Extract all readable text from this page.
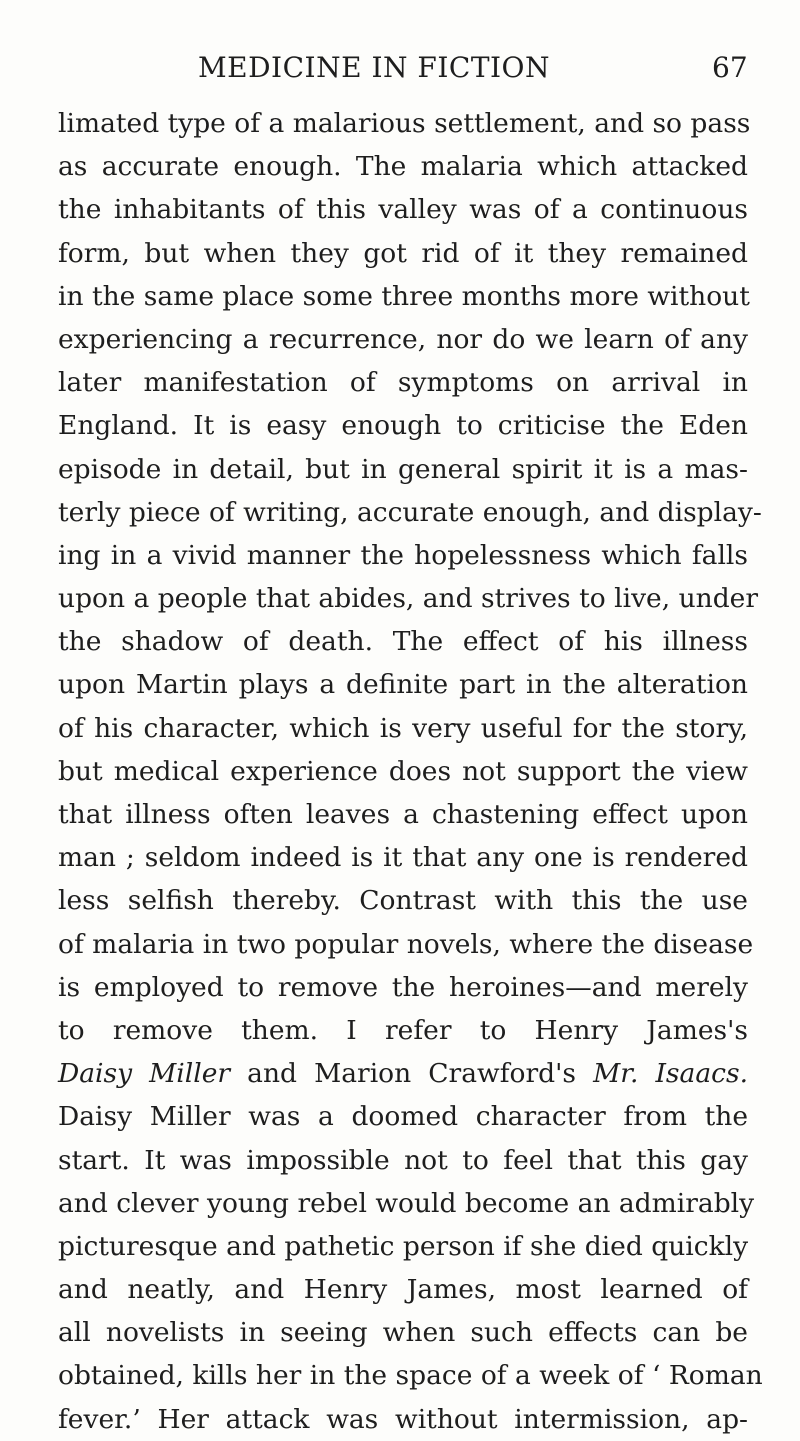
MEDICINE IN FICTION	67
limated type of a malarious settlement, and so pass
as accurate enough. The malaria which attacked
the inhabitants of this valley was of a continuous
form, but when they got rid of it they remained
in the same place some three months more without
experiencing a recurrence, nor do we learn of any
later manifestation of symptoms on arrival in
England. It is easy enough to criticise the Eden
episode in detail, but in general spirit it is a mas-
terly piece of writing, accurate enough, and display-
ing in a vivid manner the hopelessness which falls
upon a people that abides, and strives to live, under
the shadow of death. The effect of his illness
upon Martin plays a definite part in the alteration
of his character, which is very useful for the story,
but medical experience does not support the view
that illness often leaves a chastening effect upon
man ; seldom indeed is it that any one is rendered
less selfish thereby. Contrast with this the use
of malaria in two popular novels, where the disease
is employed to remove the heroines—and merely
to remove them. I refer to Henry James's
Daisy Miller and Marion Crawford's Mr. Isaacs.
Daisy Miller was a doomed character from the
start. It was impossible not to feel that this gay
and clever young rebel would become an admirably
picturesque and pathetic person if she died quickly
and neatly, and Henry James, most learned of
all novelists in seeing when such effects can be
obtained, kills her in the space of a week of ‘ Roman
fever.’ Her attack was without intermission, ap-
